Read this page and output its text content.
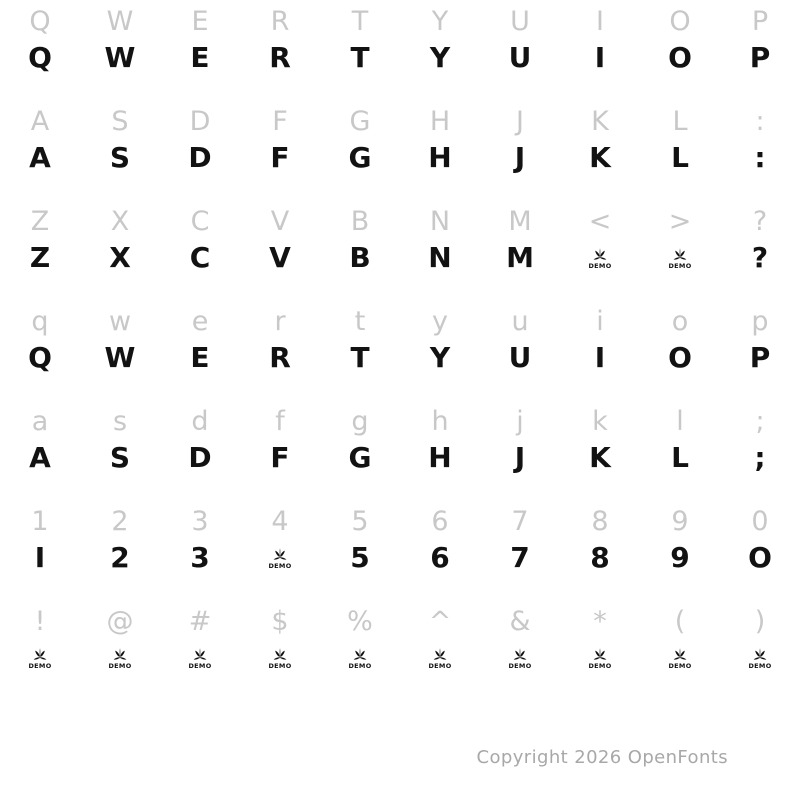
Q
Q
W
W
E
E
R
R
T
T
Y
Y
U
U
I
I
O
O
P
P
A
A
S
S
D
D
F
F
G
G
H
H
J
J
K
K
L
L
:
:
Z
Z
X
X
C
C
V
V
B
B
N
N
M
M
<
DEMO
>
DEMO
?
?
q
Q
w
W
e
E
r
R
t
T
y
Y
u
U
i
I
o
O
p
P
a
A
s
S
d
D
f
F
g
G
h
H
j
J
k
K
l
L
;
;
1
I
2
2
3
3
4
DEMO
5
5
6
6
7
7
8
8
9
9
0
O
!
DEMO
@
DEMO
#
DEMO
$
DEMO
%
DEMO
^
DEMO
&
DEMO
*
DEMO
(
DEMO
)
DEMO
Copyright 2026 OpenFonts
